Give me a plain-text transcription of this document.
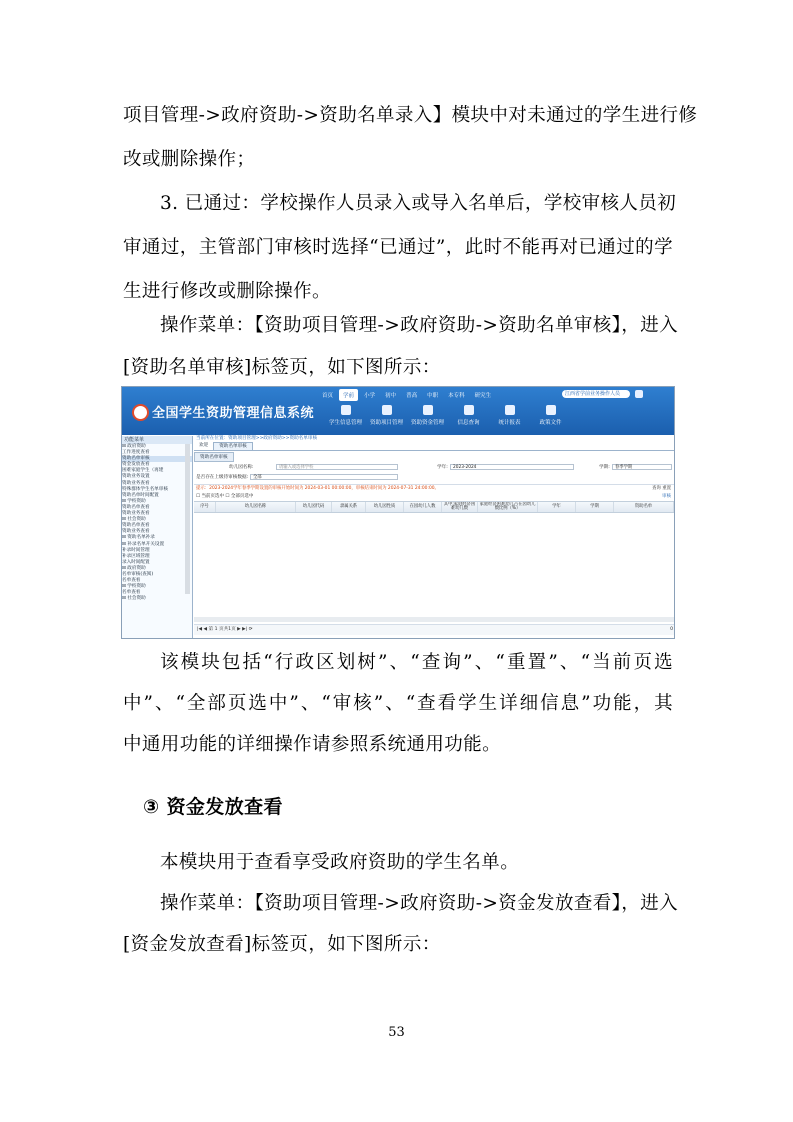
项目管理->政府资助->资助名单录入】模块中对未通过的学生进行修
改或删除操作；
3. 已通过：学校操作人员录入或导入名单后，学校审核人员初
审通过，主管部门审核时选择“已通过”，此时不能再对已通过的学
生进行修改或删除操作。
操作菜单：【资助项目管理->政府资助->资助名单审核】，进入
[资助名单审核]标签页，如下图所示：
全国学生资助管理信息系统
首页	学前	小学	初中	普高	中职	本专科	研究生	江西省学前业务操作人员
学生信息管理	资助项目管理	资助资金管理	信息查询	统计报表	政策文件
功能菜单
⊟ 政府资助
工作进度查看
资助名单审核
资金发放查看
困难家庭学生（再建
资助业务设置
资助业务查看
特殊群体学生名单审核
资助名单时间配置
⊟ 学校资助
资助名单查看
资助业务查看
⊟ 社会资助
资助名单查看
资助业务查看
⊟ 资助名单补录
⊟ 补录名单开关设置
补录时间管理
补录区域管理
录入时间配置
⊟ 政府资助
名单审核(查阅)
名单查看
⊟ 学校资助
名单查看
⊟ 社会资助
当前所在位置：资助项目管理>>政府资助>>资助名单审核
欢迎	资助名单审核
资助名单审核
幼儿园名称:	请输入或选择学校	学年:	2023-2024	学期:	春季学期
是否存在上级待审核数据:	全部
提示：2023-2024学年春季学期设置的审核开始时间为 2024-03-01 00:00:00，审核结束时间为 2024-07-31 24:00:00。	查询 重置
☐ 当前页选中 ☐ 全部页选中	审核
序号	幼儿园名称	幼儿园代码	隶属关系	幼儿园性质	在园幼儿人数	其中:家庭经济困难幼儿数
家庭经济困难幼儿占在园幼儿数比例（%）	学年	学期	资助名单
|◀ ◀ 第 1 页共1页 ▶ ▶| ⟳	0
该模块包括“行政区划树”、“查询”、“重置”、“当前页选
中”、“全部页选中”、“审核”、“查看学生详细信息”功能，其
中通用功能的详细操作请参照系统通用功能。
③ 资金发放查看
本模块用于查看享受政府资助的学生名单。
操作菜单：【资助项目管理->政府资助->资金发放查看】，进入
[资金发放查看]标签页，如下图所示：
53
